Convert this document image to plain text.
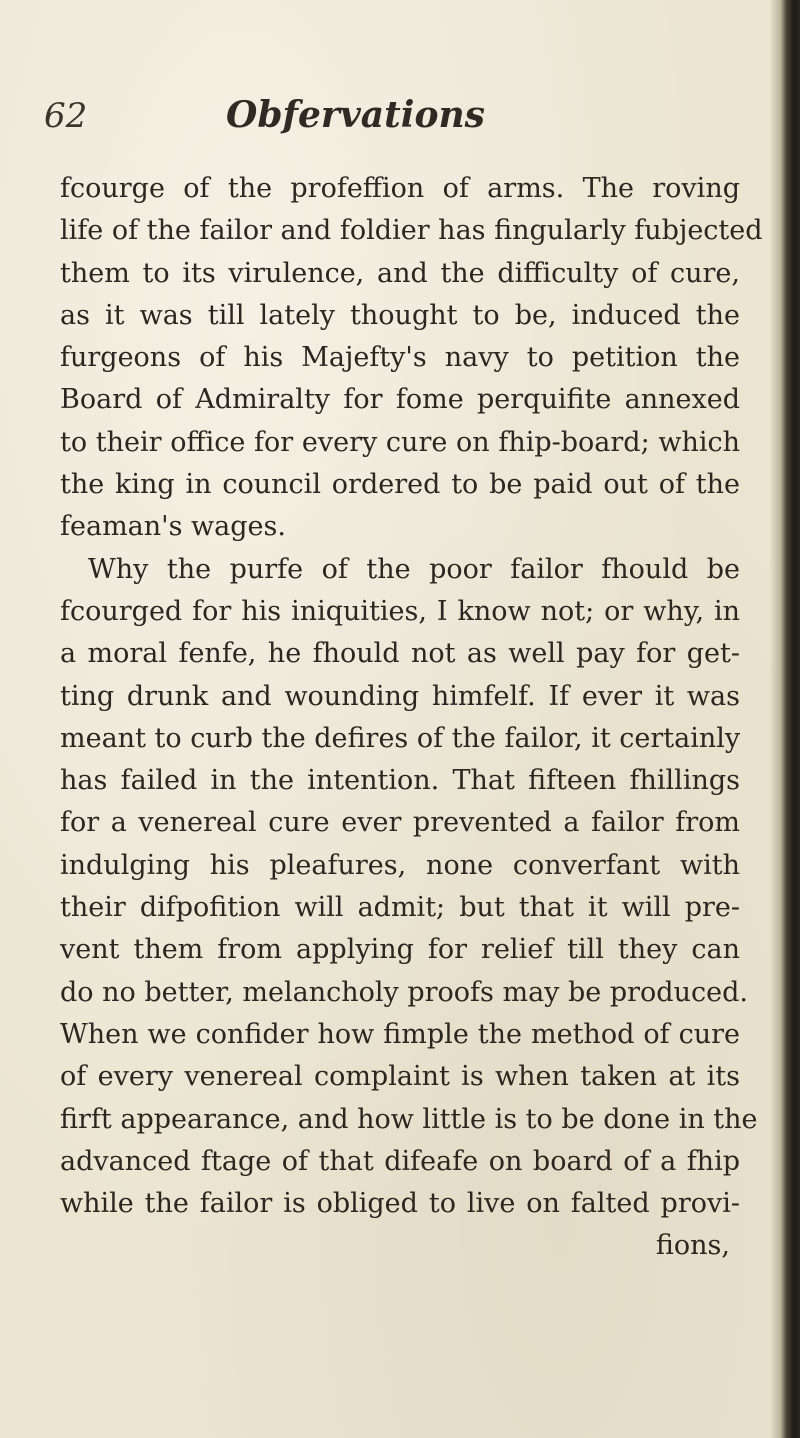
62	Obfervations
fcourge of the profeffion of arms. The roving
life of the failor and foldier has fingularly fubjected
them to its virulence, and the difficulty of cure,
as it was till lately thought to be, induced the
furgeons of his Majefty's navy to petition the
Board of Admiralty for fome perquifite annexed
to their office for every cure on fhip-board; which
the king in council ordered to be paid out of the
feaman's wages.
Why the purfe of the poor failor fhould be
fcourged for his iniquities, I know not; or why, in
a moral fenfe, he fhould not as well pay for get-
ting drunk and wounding himfelf. If ever it was
meant to curb the defires of the failor, it certainly
has failed in the intention. That fifteen fhillings
for a venereal cure ever prevented a failor from
indulging his pleafures, none converfant with
their difpofition will admit; but that it will pre-
vent them from applying for relief till they can
do no better, melancholy proofs may be produced.
When we confider how fimple the method of cure
of every venereal complaint is when taken at its
firft appearance, and how little is to be done in the
advanced ftage of that difeafe on board of a fhip
while the failor is obliged to live on falted provi-
fions,
